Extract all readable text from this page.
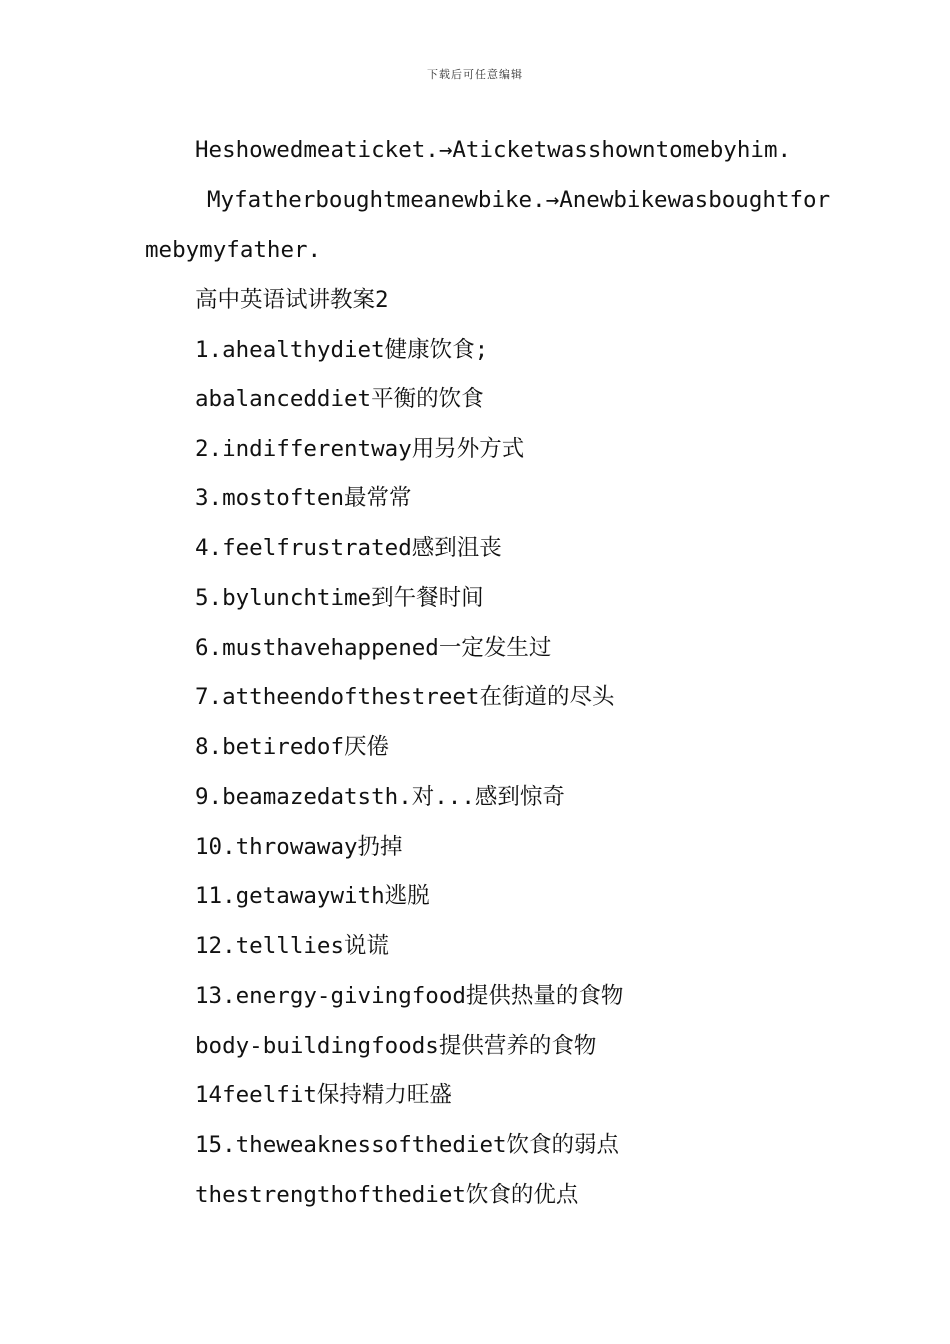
下载后可任意编辑
Heshowedmeaticket.→Aticketwasshowntomebyhim.
Myfatherboughtmeanewbike.→Anewbikewasboughtfor
mebymyfather.
高中英语试讲教案2
1.ahealthydiet健康饮食;
abalanceddiet平衡的饮食
2.indifferentway用另外方式
3.mostoften最常常
4.feelfrustrated感到沮丧
5.bylunchtime到午餐时间
6.musthavehappened一定发生过
7.attheendofthestreet在街道的尽头
8.betiredof厌倦
9.beamazedatsth.对...感到惊奇
10.throwaway扔掉
11.getawaywith逃脱
12.telllies说谎
13.energy-givingfood提供热量的食物
body-buildingfoods提供营养的食物
14feelfit保持精力旺盛
15.theweaknessofthediet饮食的弱点
thestrengthofthediet饮食的优点
